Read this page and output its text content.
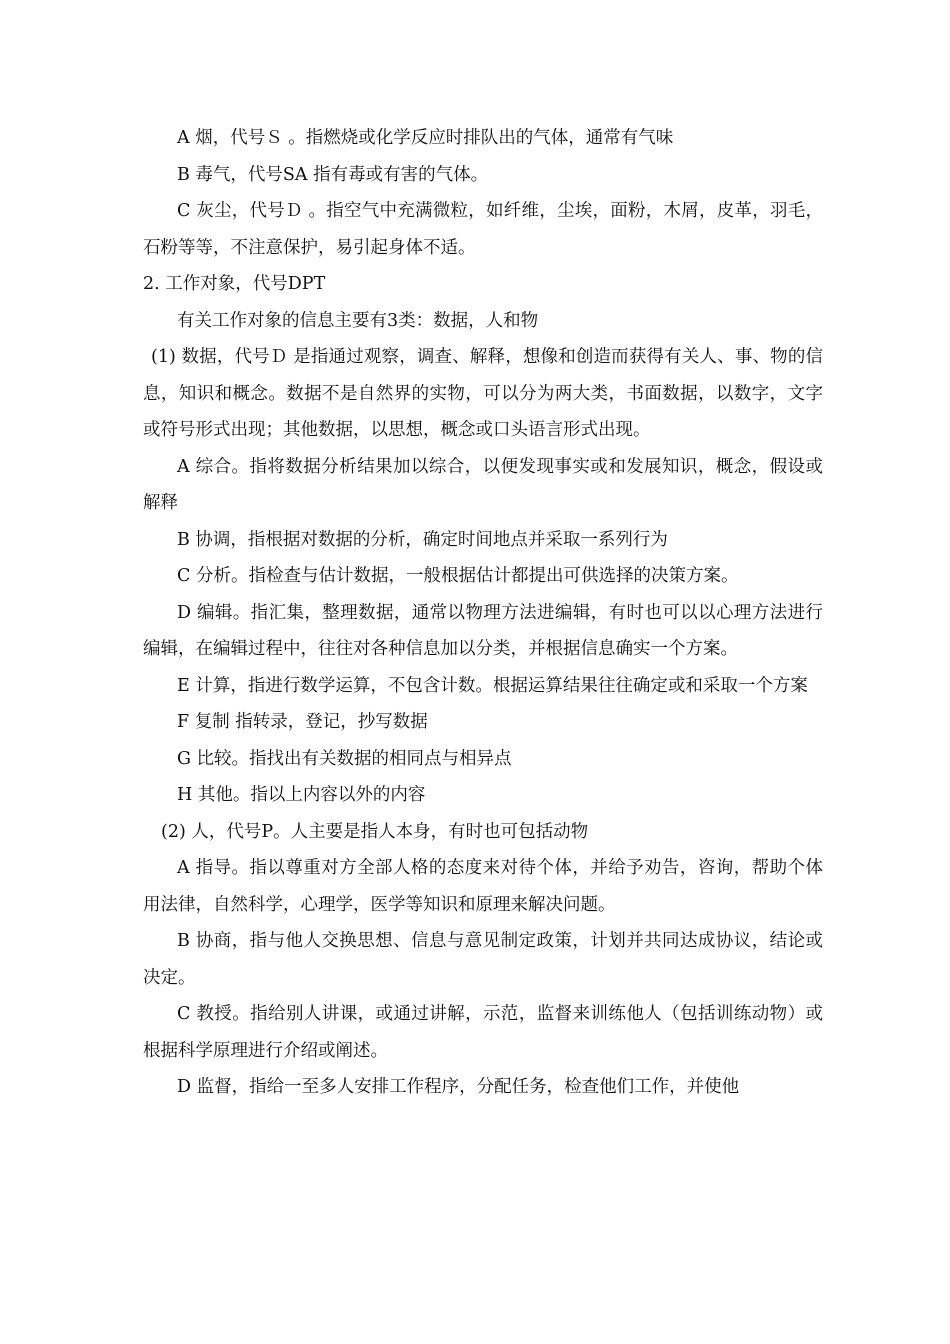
A 烟，代号Ｓ 。指燃烧或化学反应时排队出的气体，通常有气味

B 毒气，代号SA 指有毒或有害的气体。

C 灰尘，代号Ｄ 。指空气中充满微粒，如纤维，尘埃，面粉，木屑，皮革，羽毛，石粉等等，不注意保护，易引起身体不适。

2. 工作对象，代号DPT

有关工作对象的信息主要有3类：数据，人和物

(1) 数据，代号Ｄ 是指通过观察，调查、解释，想像和创造而获得有关人、事、物的信息，知识和概念。数据不是自然界的实物，可以分为两大类，书面数据，以数字，文字或符号形式出现；其他数据，以思想，概念或口头语言形式出现。

A 综合。指将数据分析结果加以综合，以便发现事实或和发展知识，概念，假设或解释

B 协调，指根据对数据的分析，确定时间地点并采取一系列行为

C 分析。指检查与估计数据，一般根据估计都提出可供选择的决策方案。

D 编辑。指汇集，整理数据，通常以物理方法进编辑，有时也可以以心理方法进行编辑，在编辑过程中，往往对各种信息加以分类，并根据信息确实一个方案。

E 计算，指进行数学运算，不包含计数。根据运算结果往往确定或和采取一个方案

F 复制 指转录，登记，抄写数据

G 比较。指找出有关数据的相同点与相异点

H 其他。指以上内容以外的内容

(2) 人，代号P。人主要是指人本身，有时也可包括动物

A 指导。指以尊重对方全部人格的态度来对待个体，并给予劝告，咨询，帮助个体用法律，自然科学，心理学，医学等知识和原理来解决问题。

B 协商，指与他人交换思想、信息与意见制定政策，计划并共同达成协议，结论或决定。

C 教授。指给别人讲课，或通过讲解，示范，监督来训练他人（包括训练动物）或根据科学原理进行介绍或阐述。

D 监督，指给一至多人安排工作程序，分配任务，检查他们工作，并使他
